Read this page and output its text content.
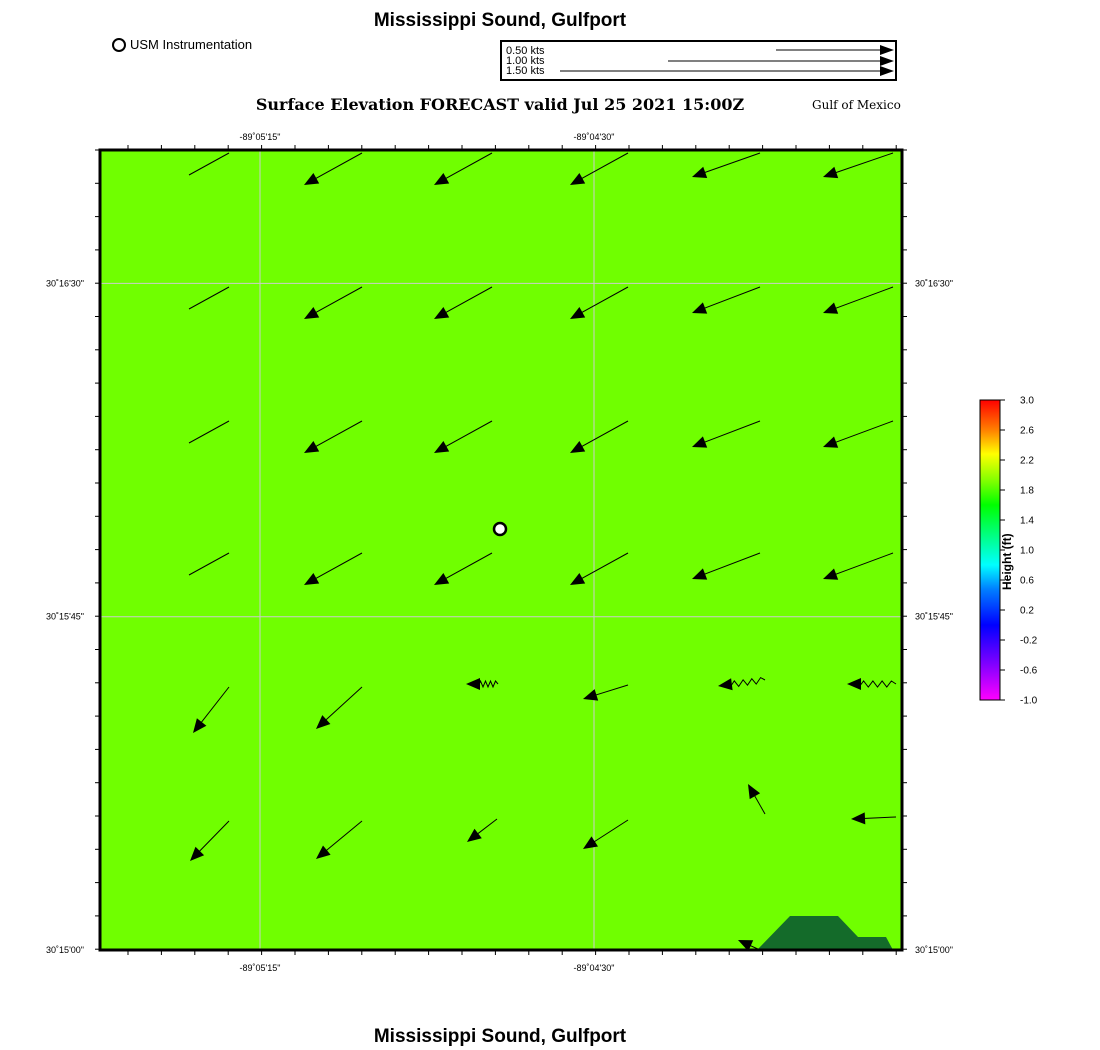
Mississippi Sound, Gulfport
USM Instrumentation	0.50 kts
1.00 kts
1.50 kts
Surface Elevation FORECAST valid Jul 25 2021 15:00Z	Gulf of Mexico
-89˚05'15"
-89˚05'15"
-89˚04'30"
-89˚04'30"
30˚16'30"	30˚16'30"
30˚15'45"	30˚15'45"
30˚15'00"	30˚15'00"
3.0
2.6
2.2
1.8
1.4
1.0
0.6
0.2
-0.2
-0.6
-1.0
Height (ft)
Mississippi Sound, Gulfport
